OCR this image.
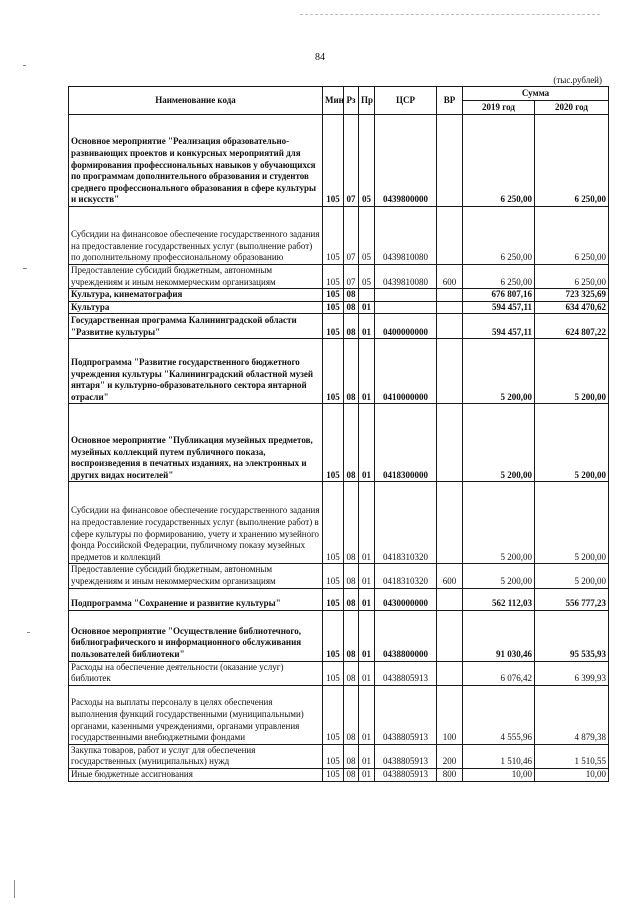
84
(тыс.рублей)
Наименование кода	Мин	Рз	Пр	ЦСР	ВР	Сумма	
						2019 год	2020 год
Основное мероприятие "Реализация образовательно-развивающих проектов и конкурсных мероприятий для формирования профессиональных навыков у обучающихся по программам дополнительного образования и студентов среднего профессионального образования в сфере культуры и искусств"	105	07	05	0439800000		6 250,00	6 250,00
Субсидии на финансовое обеспечение государственного задания на предоставление государственных услуг (выполнение работ) по дополнительному профессиональному образованию	105	07	05	0439810080		6 250,00	6 250,00
Предоставление субсидий бюджетным, автономным учреждениям и иным некоммерческим организациям	105	07	05	0439810080	600	6 250,00	6 250,00
Культура, кинематография	105	08				676 807,16	723 325,69
Культура	105	08	01			594 457,11	634 470,62
Государственная программа Калининградской области "Развитие культуры"	105	08	01	0400000000		594 457,11	624 807,22
Подпрограмма "Развитие государственного бюджетного учреждения культуры "Калининградский областной музей янтаря" и культурно-образовательного сектора янтарной отрасли"	105	08	01	0410000000		5 200,00	5 200,00
Основное мероприятие "Публикация музейных предметов, музейных коллекций путем публичного показа, воспроизведения в печатных изданиях, на электронных и других видах носителей"	105	08	01	0418300000		5 200,00	5 200,00
Субсидии на финансовое обеспечение государственного задания на предоставление государственных услуг (выполнение работ) в сфере культуры по формированию, учету и хранению музейного фонда Российской Федерации, публичному показу музейных предметов и коллекций	105	08	01	0418310320		5 200,00	5 200,00
Предоставление субсидий бюджетным, автономным учреждениям и иным некоммерческим организациям	105	08	01	0418310320	600	5 200,00	5 200,00
Подпрограмма "Сохранение и развитие культуры"	105	08	01	0430000000		562 112,03	556 777,23
Основное мероприятие "Осуществление библиотечного, библиографического и информационного обслуживания пользователей библиотеки"	105	08	01	0438800000		91 030,46	95 535,93
Расходы на обеспечение деятельности (оказание услуг) библиотек	105	08	01	0438805913		6 076,42	6 399,93
Расходы на выплаты персоналу в целях обеспечения выполнения функций государственными (муниципальными) органами, казенными учреждениями, органами управления государственными внебюджетными фондами	105	08	01	0438805913	100	4 555,96	4 879,38
Закупка товаров, работ и услуг для обеспечения государственных (муниципальных) нужд	105	08	01	0438805913	200	1 510,46	1 510,55
Иные бюджетные ассигнования	105	08	01	0438805913	800	10,00	10,00
